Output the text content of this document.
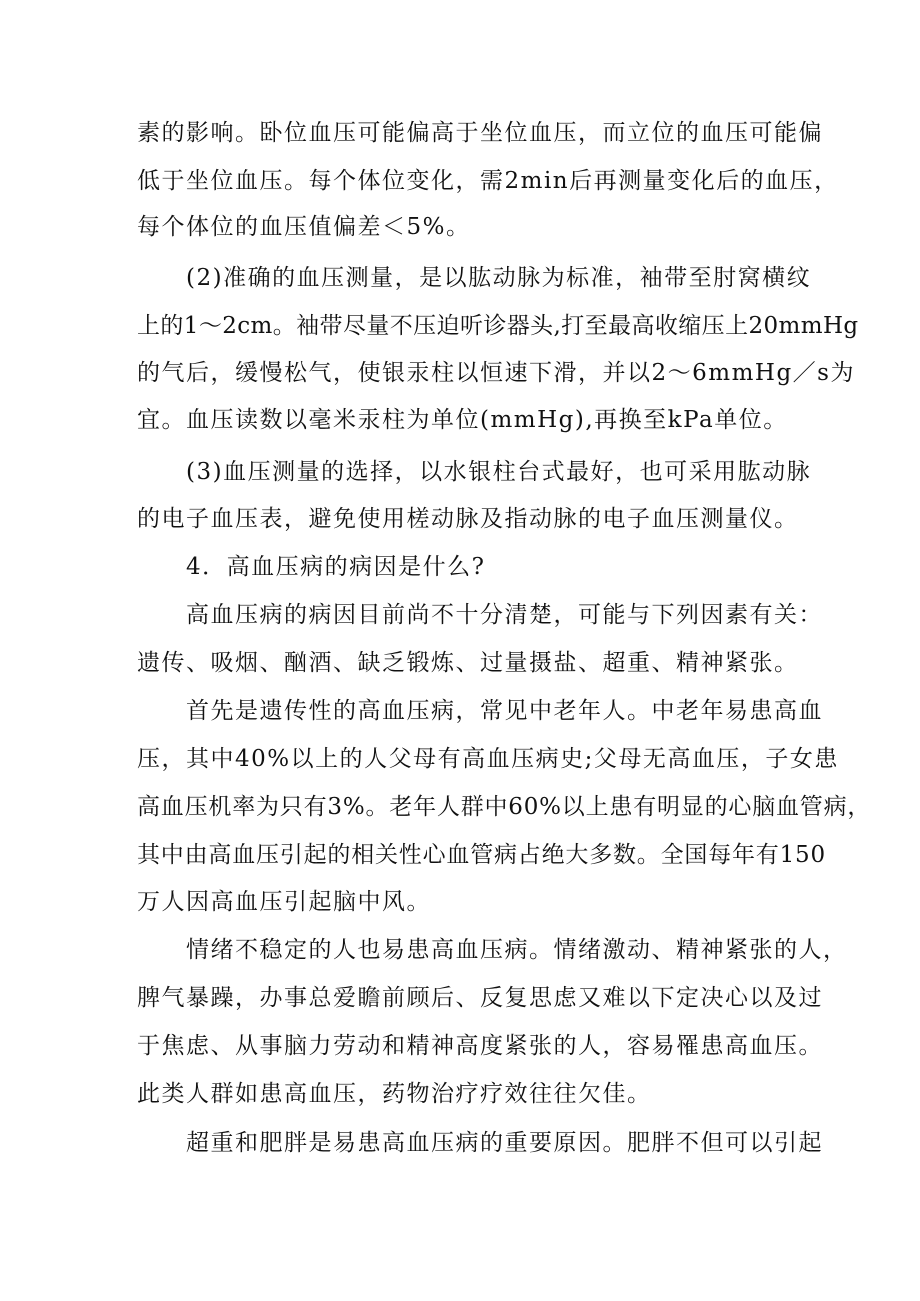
素的影响。卧位血压可能偏高于坐位血压，而立位的血压可能偏
低于坐位血压。每个体位变化，需2min后再测量变化后的血压，
每个体位的血压值偏差＜5%。
(2)准确的血压测量，是以肱动脉为标准，袖带至肘窝横纹
上的1～2cm。袖带尽量不压迫听诊器头,打至最高收缩压上20mmHg
的气后，缓慢松气，使银汞柱以恒速下滑，并以2～6mmHg／s为
宜。血压读数以毫米汞柱为单位(mmHg),再换至kPa单位。
(3)血压测量的选择，以水银柱台式最好，也可采用肱动脉
的电子血压表，避免使用槎动脉及指动脉的电子血压测量仪。
4．高血压病的病因是什么?
高血压病的病因目前尚不十分清楚，可能与下列因素有关：
遗传、吸烟、酗酒、缺乏锻炼、过量摄盐、超重、精神紧张。
首先是遗传性的高血压病，常见中老年人。中老年易患高血
压，其中40%以上的人父母有高血压病史;父母无高血压，子女患
高血压机率为只有3%。老年人群中60%以上患有明显的心脑血管病，
其中由高血压引起的相关性心血管病占绝大多数。全国每年有150
万人因高血压引起脑中风。
情绪不稳定的人也易患高血压病。情绪激动、精神紧张的人，
脾气暴躁，办事总爱瞻前顾后、反复思虑又难以下定决心以及过
于焦虑、从事脑力劳动和精神高度紧张的人，容易罹患高血压。
此类人群如患高血压，药物治疗疗效往往欠佳。
超重和肥胖是易患高血压病的重要原因。肥胖不但可以引起
